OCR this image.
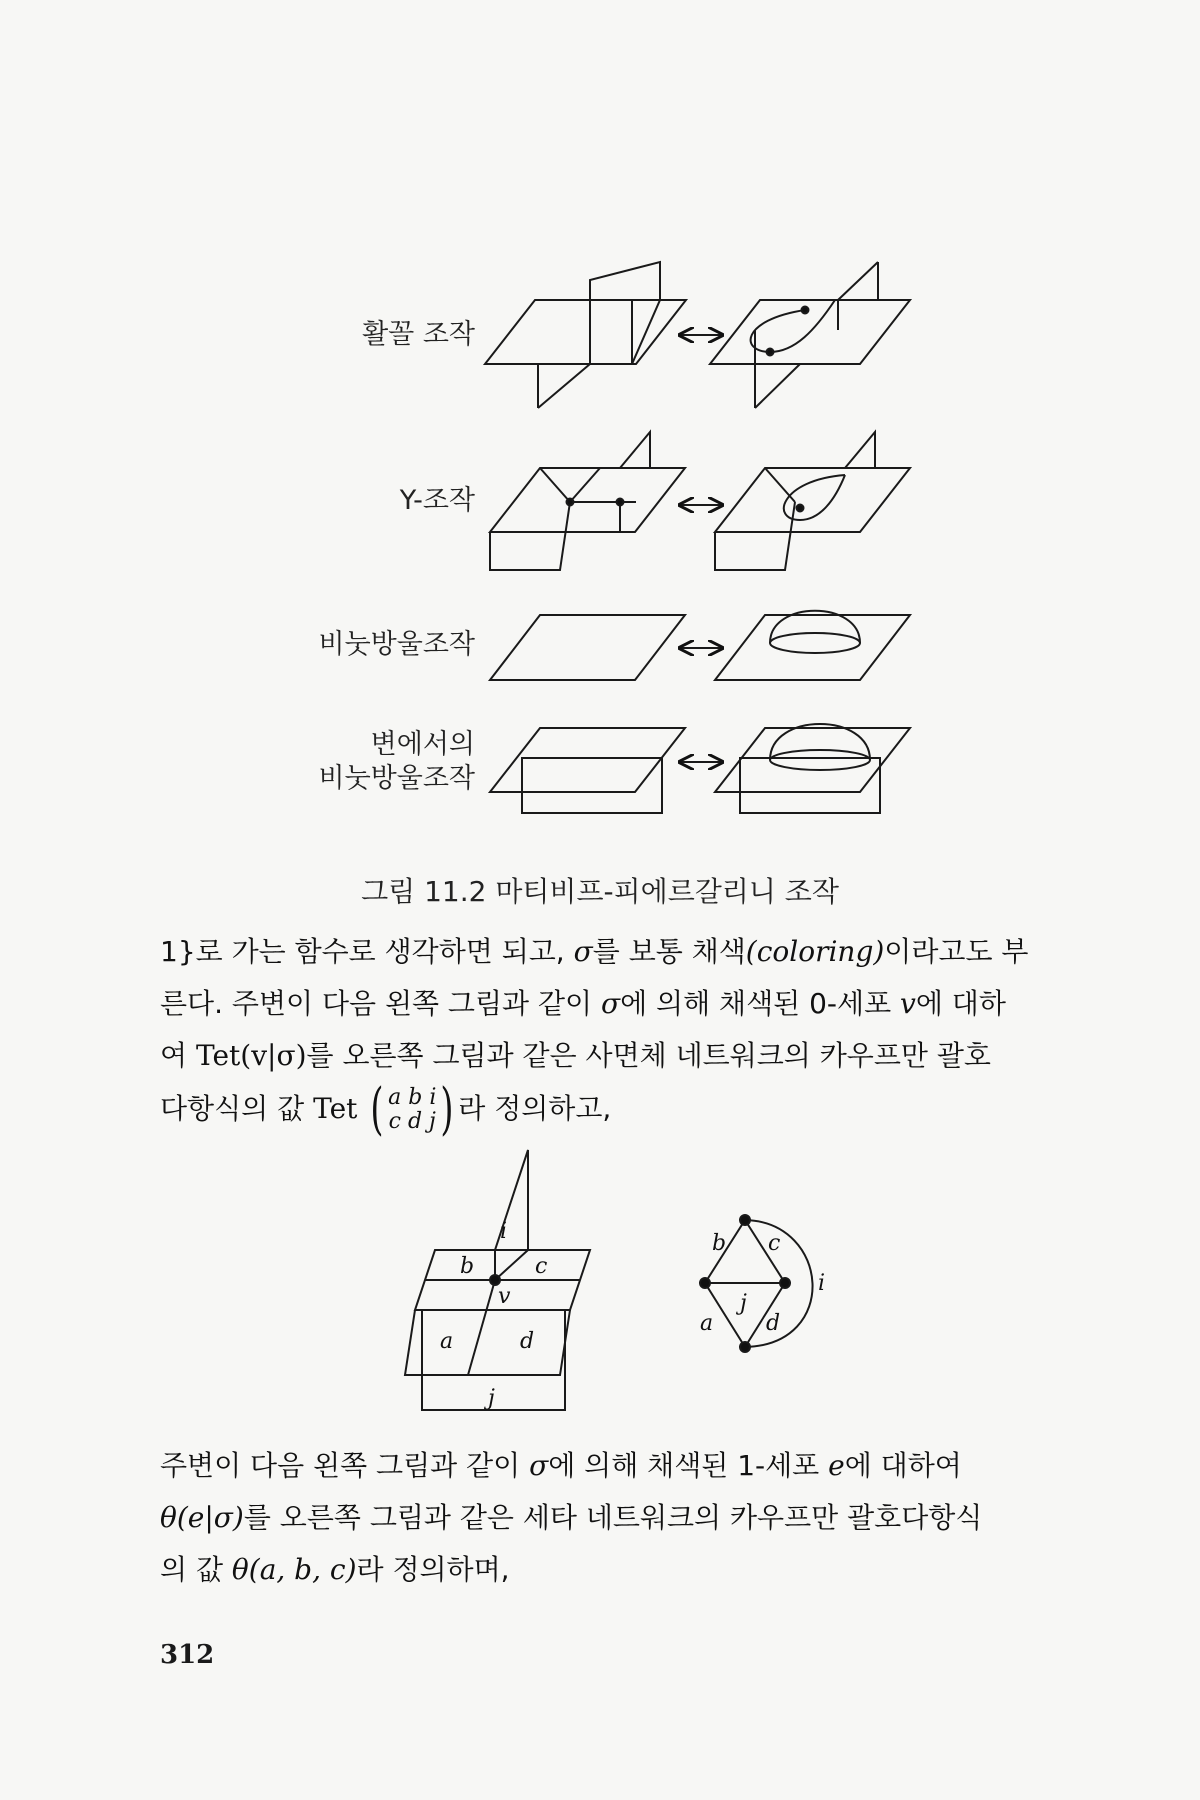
활꼴 조작
Y-조작
비눗방울조작
변에서의
비눗방울조작
그림 11.2 마티비프-피에르갈리니 조작
1}로 가는 함수로 생각하면 되고, σ를 보통 채색(coloring)이라고도 부
른다. 주변이 다음 왼쪽 그림과 같이 σ에 의해 채색된 0-세포 v에 대하
여 Tet(v|σ)를 오른쪽 그림과 같은 사면체 네트워크의 카우프만 괄호
다항식의 값 Tet ( a b i
c d j ) 라 정의하고,
i
b	c
v
a	d
j
b c
i
j
a d
주변이 다음 왼쪽 그림과 같이 σ에 의해 채색된 1-세포 e에 대하여
θ(e|σ)를 오른쪽 그림과 같은 세타 네트워크의 카우프만 괄호다항식
의 값 θ(a, b, c)라 정의하며,
312
